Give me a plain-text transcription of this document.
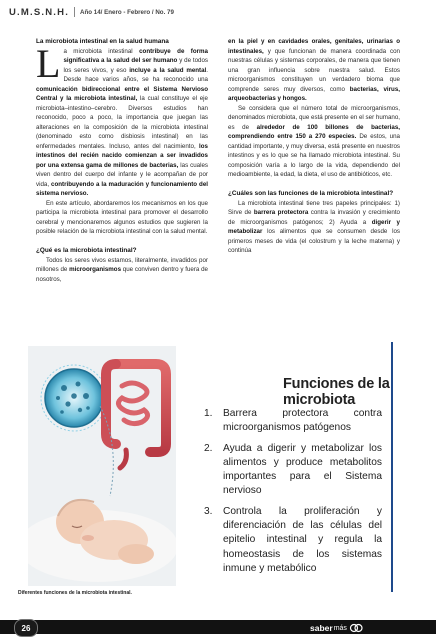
U.M.S.N.H. Año 14/ Enero - Febrero / No. 79
La microbiota intestinal en la salud humana

La microbiota intestinal contribuye de forma significativa a la salud del ser humano y de todos los seres vivos, y eso incluye a la salud mental. Desde hace varios años, se ha reconocido una comunicación bidireccional entre el Sistema Nervioso Central y la microbiota intestinal, la cual constituye el eje microbiota–intestino–cerebro. Diversos estudios han reconocido, poco a poco, la importancia que juegan las alteraciones en la composición de la microbiota intestinal (denominado esto como disbiosis intestinal) en las enfermedades mentales. Incluso, antes del nacimiento, los intestinos del recién nacido comienzan a ser invadidos por una extensa gama de millones de bacterias, las cuales viven dentro del cuerpo del infante y le acompañan de por vida, contribuyendo a la maduración y funcionamiento del sistema nervioso.

En este artículo, abordaremos los mecanismos en los que participa la microbiota intestinal para promover el desarrollo cerebral y mencionaremos algunos estudios que sugieren la posible relación de la microbiota intestinal con la salud mental.

¿Qué es la microbiota intestinal?

Todos los seres vivos estamos, literalmente, invadidos por millones de microorganismos que conviven dentro y fuera de nosotros,

en la piel y en cavidades orales, genitales, urinarias o intestinales, y que funcionan de manera coordinada con nuestras células y sistemas corporales, de manera que tienen una gran influencia sobre nuestra salud. Estos microorganismos constituyen un verdadero bioma que comprende seres muy diversos, como bacterias, virus, arqueobacterias y hongos.

Se considera que el número total de microorganismos, denominados microbiota, que está presente en el ser humano, es de alrededor de 100 billones de bacterias, comprendiendo entre 150 a 270 especies. De estos, una cantidad importante, y muy diversa, está presente en nuestros intestinos y es lo que se ha llamado microbiota intestinal. Su composición varía a lo largo de la vida, dependiendo del medioambiente, la edad, la dieta, el uso de antibióticos, etc.

¿Cuáles son las funciones de la microbiota intestinal?

La microbiota intestinal tiene tres papeles principales: 1) Sirve de barrera protectora contra la invasión y crecimiento de microorganismos patógenos; 2) Ayuda a digerir y metabolizar los alimentos que se consumen desde los primeros meses de vida (el colostrum y la leche materna) y continúa

Diferentes funciones de la microbiota intestinal.
Funciones de la microbiota
1.	Barrera protectora contra microorganismos patógenos
2.	Ayuda a digerir y metabolizar los alimentos y produce metabolitos importantes para el Sistema nervioso
3.	Controla la proliferación y diferenciación de las células del epitelio intestinal y regula la homeostasis de los sistemas inmune y metabólico
26	saber más
